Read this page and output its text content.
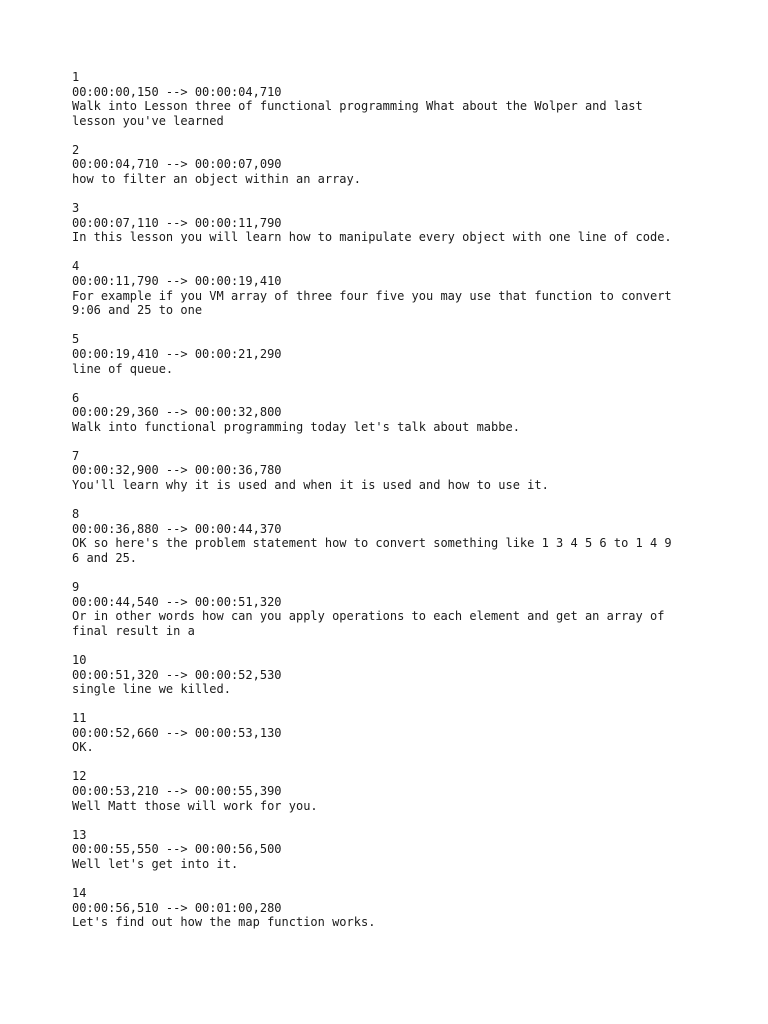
1
00:00:00,150 --> 00:00:04,710
Walk into Lesson three of functional programming What about the Wolper and last
lesson you've learned
2
00:00:04,710 --> 00:00:07,090
how to filter an object within an array.
3
00:00:07,110 --> 00:00:11,790
In this lesson you will learn how to manipulate every object with one line of code.
4
00:00:11,790 --> 00:00:19,410
For example if you VM array of three four five you may use that function to convert
9:06 and 25 to one
5
00:00:19,410 --> 00:00:21,290
line of queue.
6
00:00:29,360 --> 00:00:32,800
Walk into functional programming today let's talk about mabbe.
7
00:00:32,900 --> 00:00:36,780
You'll learn why it is used and when it is used and how to use it.
8
00:00:36,880 --> 00:00:44,370
OK so here's the problem statement how to convert something like 1 3 4 5 6 to 1 4 9
6 and 25.
9
00:00:44,540 --> 00:00:51,320
Or in other words how can you apply operations to each element and get an array of
final result in a
10
00:00:51,320 --> 00:00:52,530
single line we killed.
11
00:00:52,660 --> 00:00:53,130
OK.
12
00:00:53,210 --> 00:00:55,390
Well Matt those will work for you.
13
00:00:55,550 --> 00:00:56,500
Well let's get into it.
14
00:00:56,510 --> 00:01:00,280
Let's find out how the map function works.
